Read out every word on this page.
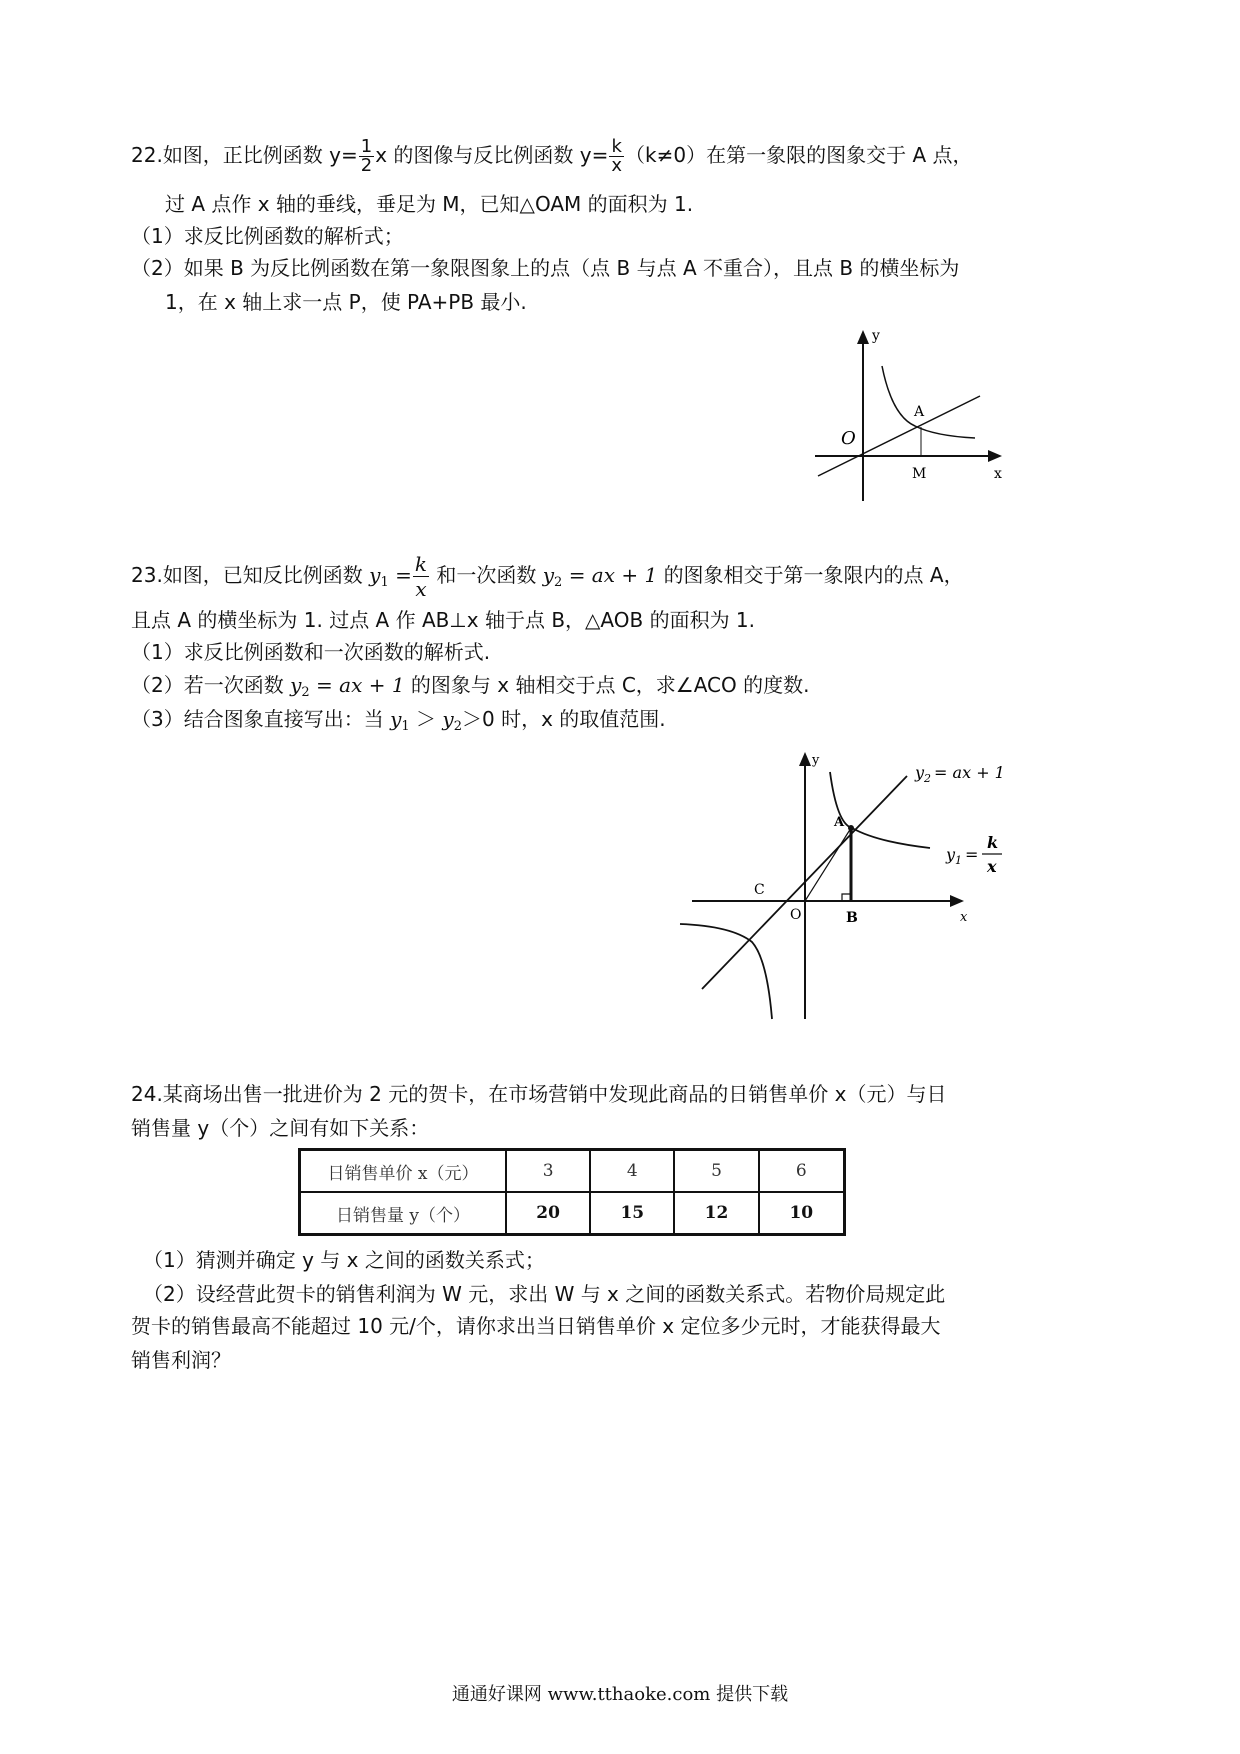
22.如图，正比例函数 $y= \frac{1}{2}$ x 的图像与反比例函数 $y= \frac{k}{x} (k\ne 0)$在第一象限的图象交于 A 点，
过 A 点作 x 轴的垂线，垂足为 M，已知△OAM 的面积为 1.
（1）求反比例函数的解析式；
（2）如果 B 为反比例函数在第一象限图象上的点（点 B 与点 A 不重合），且点 B 的横坐标为
1，在 x 轴上求一点 P，使 PA+PB 最小.
y
x
O
A
M
23.如图，已知反比例函数 $y_1 = \frac{k}{x}$ 和一次函数 $y_2$ = ax + 1 的图象相交于第一象限内的点 A，
且点 A 的横坐标为 1. 过点 A 作 AB⊥x 轴于点 B，△AOB 的面积为 1.
（1）求反比例函数和一次函数的解析式.
（2）若一次函数 $y_2$ = ax + 1 的图象与 x 轴相交于点 C，求∠ACO 的度数.
（3）结合图象直接写出：当 $y_1 > y_2>0$ 时，x 的取值范围.
y
x
O
A
B
C
$y_2$ = ax + 1
$y_1$ =
k
x
24.某商场出售一批进价为 2 元的贺卡，在市场营销中发现此商品的日销售单价 x（元）与日
销售量 y（个）之间有如下关系：
日销售单价 x（元）	3	4	5	6
日销售量 y（个）	20	15	12	10
（1）猜测并确定 y 与 x 之间的函数关系式；
（2）设经营此贺卡的销售利润为 W 元，求出 W 与 x 之间的函数关系式。若物价局规定此
贺卡的销售最高不能超过 10 元/个，请你求出当日销售单价 x 定位多少元时，才能获得最大
销售利润？
通通好课网 www.tthaoke.com 提供下载
